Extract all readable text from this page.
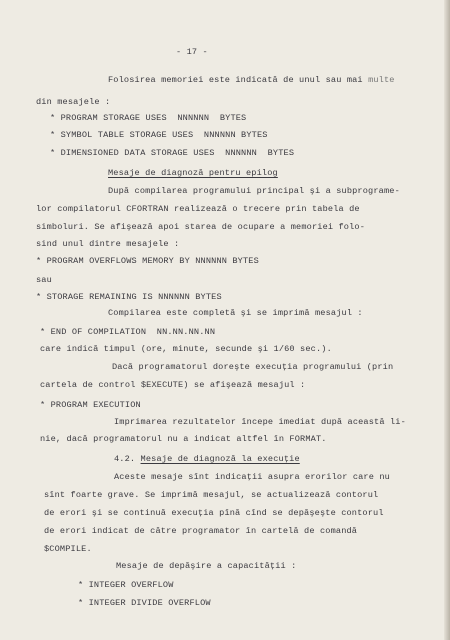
- 17 -

Folosirea memoriei este indicată de unul sau mai multe

din mesajele :

* PROGRAM STORAGE USES  NNNNNN  BYTES

* SYMBOL TABLE STORAGE USES  NNNNNN BYTES

* DIMENSIONED DATA STORAGE USES  NNNNNN  BYTES

Mesaje de diagnoză pentru epilog

După compilarea programului principal şi a subprograme-

lor compilatorul CFORTRAN realizează o trecere prin tabela de

simboluri. Se afişează apoi starea de ocupare a memoriei folo-

sind unul dintre mesajele :

* PROGRAM OVERFLOWS MEMORY BY NNNNNN BYTES

sau

* STORAGE REMAINING IS NNNNNN BYTES

Compilarea este completă şi se imprimă mesajul :

* END OF COMPILATION  NN.NN.NN.NN

care indică timpul (ore, minute, secunde şi 1/60 sec.).

Dacă programatorul doreşte execuţia programului (prin

cartela de control $EXECUTE) se afişează mesajul :

* PROGRAM EXECUTION

Imprimarea rezultatelor începe imediat după această li-

nie, dacă programatorul nu a indicat altfel în FORMAT.

4.2. Mesaje de diagnoză la execuţie

Aceste mesaje sînt indicaţii asupra erorilor care nu

sînt foarte grave. Se imprimă mesajul, se actualizează contorul

de erori şi se continuă execuţia pînă cînd se depăşeşte contorul

de erori indicat de către programator în cartelă de comandă

$COMPILE.

Mesaje de depăşire a capacităţii :

* INTEGER OVERFLOW

* INTEGER DIVIDE OVERFLOW
